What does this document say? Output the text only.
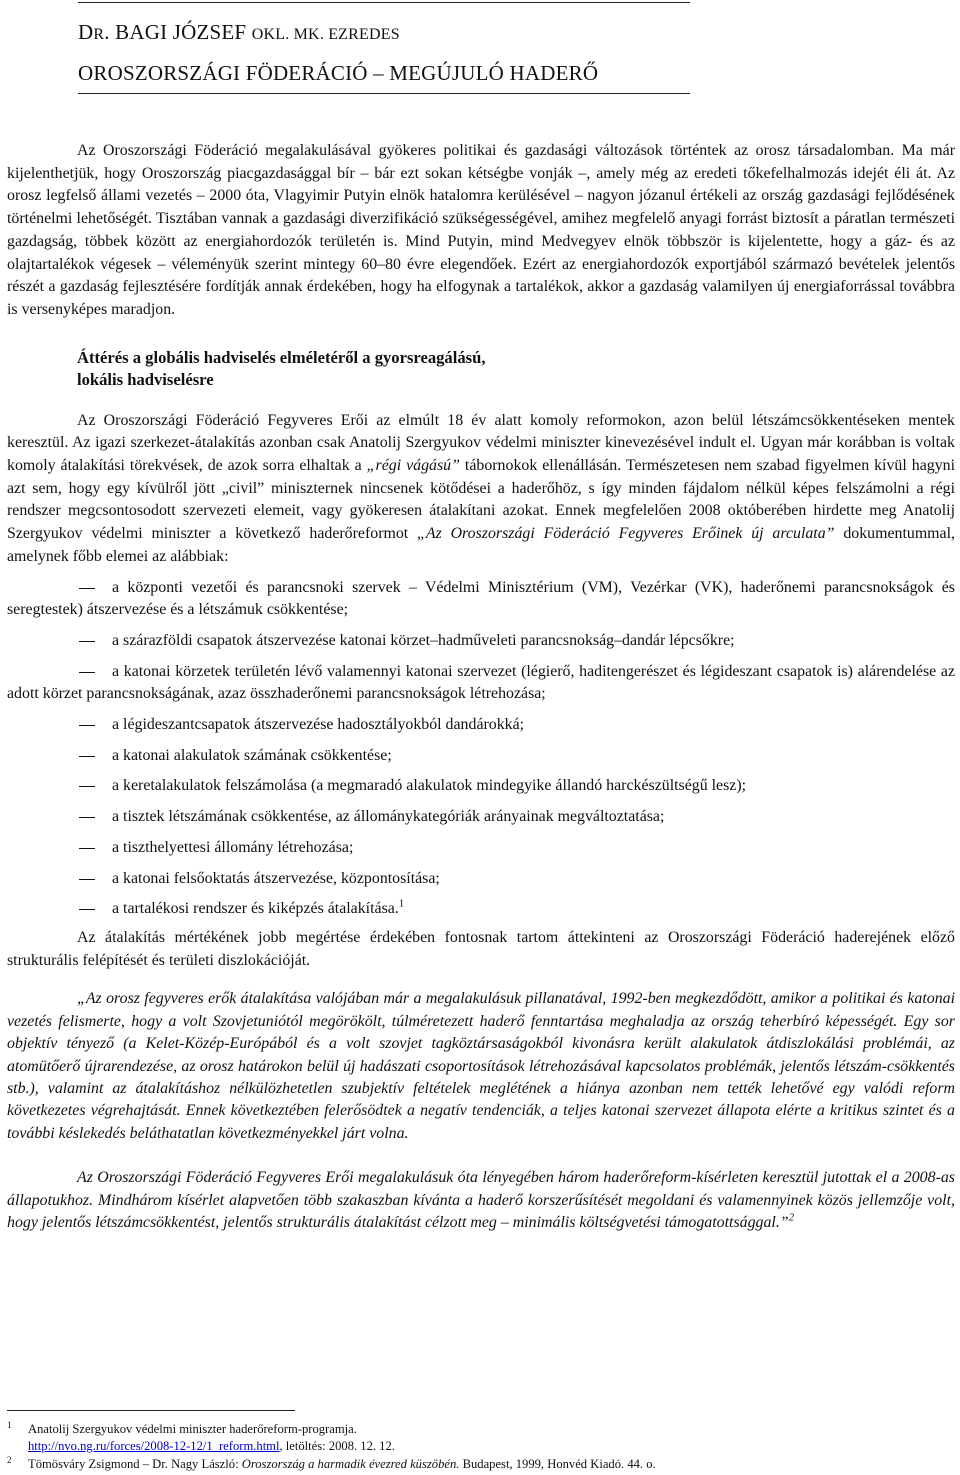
DR. BAGI JÓZSEF OKL. MK. EZREDES
OROSZORSZÁGI FÖDERÁCIÓ – MEGÚJULÓ HADERŐ

Az Oroszországi Föderáció megalakulásával gyökeres politikai és gazdasági változások történtek az orosz társadalomban. Ma már kijelenthetjük, hogy Oroszország piacgazdasággal bír – bár ezt sokan kétségbe vonják –, amely még az eredeti tőkefelhalmozás idejét éli át. Az orosz legfelső állami vezetés – 2000 óta, Vlagyimir Putyin elnök hatalomra kerülésével – nagyon józanul értékeli az ország gazdasági fejlődésének történelmi lehetőségét. Tisztában vannak a gazdasági diverzifikáció szükségességével, amihez megfelelő anyagi forrást biztosít a páratlan természeti gazdagság, többek között az energiahordozók területén is. Mind Putyin, mind Medvegyev elnök többször is kijelentette, hogy a gáz- és az olajtartalékok végesek – véleményük szerint mintegy 60–80 évre elegendőek. Ezért az energiahordozók exportjából származó bevételek jelentős részét a gazdaság fejlesztésére fordítják annak érdekében, hogy ha elfogynak a tartalékok, akkor a gazdaság valamilyen új energiaforrással továbbra is versenyképes maradjon.

Áttérés a globális hadviselés elméletéről a gyorsreagálású,
lokális hadviselésre

Az Oroszországi Föderáció Fegyveres Erői az elmúlt 18 év alatt komoly reformokon, azon belül létszámcsökkentéseken mentek keresztül. Az igazi szerkezet-átalakítás azonban csak Anatolij Szergyukov védelmi miniszter kinevezésével indult el. Ugyan már korábban is voltak komoly átalakítási törekvések, de azok sorra elhaltak a „régi vágású” tábornokok ellenállásán. Természetesen nem szabad figyelmen kívül hagyni azt sem, hogy egy kívülről jött „civil” miniszternek nincsenek kötődései a haderőhöz, s így minden fájdalom nélkül képes felszámolni a régi rendszer megcsontosodott szervezeti elemeit, vagy gyökeresen átalakítani azokat. Ennek megfelelően 2008 októberében hirdette meg Anatolij Szergyukov védelmi miniszter a következő haderőreformot „Az Oroszországi Föderáció Fegyveres Erőinek új arculata” dokumentummal, amelynek főbb elemei az alábbiak:

a központi vezetői és parancsnoki szervek – Védelmi Minisztérium (VM), Vezérkar (VK), haderőnemi parancsnokságok és seregtestek) átszervezése és a létszámuk csökkentése;

a szárazföldi csapatok átszervezése katonai körzet–hadműveleti parancsnokság–dandár lépcsőkre;

a katonai körzetek területén lévő valamennyi katonai szervezet (légierő, haditengerészet és légideszant csapatok is) alárendelése az adott körzet parancsnokságának, azaz összhaderőnemi parancsnokságok létrehozása;

a légideszantcsapatok átszervezése hadosztályokból dandárokká;

a katonai alakulatok számának csökkentése;

a keretalakulatok felszámolása (a megmaradó alakulatok mindegyike állandó harckészültségű lesz);

a tisztek létszámának csökkentése, az állománykategóriák arányainak megváltoztatása;

a tiszthelyettesi állomány létrehozása;

a katonai felsőoktatás átszervezése, központosítása;

a tartalékosi rendszer és kiképzés átalakítása.$^1$

Az átalakítás mértékének jobb megértése érdekében fontosnak tartom áttekinteni az Oroszországi Föderáció haderejének előző strukturális felépítését és területi diszlokációját.

„Az orosz fegyveres erők átalakítása valójában már a megalakulásuk pillanatával, 1992-ben megkezdődött, amikor a politikai és katonai vezetés felismerte, hogy a volt Szovjetuniótól megörökölt, túlméretezett haderő fenntartása meghaladja az ország teherbíró képességét. Egy sor objektív tényező (a Kelet-Közép-Európából és a volt szovjet tagköztársaságokból kivonásra került alakulatok átdiszlokálási problémái, az atomütőerő újrarendezése, az orosz határokon belül új hadászati csoportosítások létrehozásával kapcsolatos problémák, jelentős létszám-csökkentés stb.), valamint az átalakításhoz nélkülözhetetlen szubjektív feltételek meglétének a hiánya azonban nem tették lehetővé egy valódi reform következetes végrehajtását. Ennek következtében felerősödtek a negatív tendenciák, a teljes katonai szervezet állapota elérte a kritikus szintet és a további késlekedés beláthatatlan következményekkel járt volna.

Az Oroszországi Föderáció Fegyveres Erői megalakulásuk óta lényegében három haderőreform-kísérleten keresztül jutottak el a 2008-as állapotukhoz. Mindhárom kísérlet alapvetően több szakaszban kívánta a haderő korszerűsítését megoldani és valamennyinek közös jellemzője volt, hogy jelentős létszámcsökkentést, jelentős strukturális átalakítást célzott meg – minimális költségvetési támogatottsággal.”$^2$

1 Anatolij Szergyukov védelmi miniszter haderőreform-programja.
http://nvo.ng.ru/forces/2008-12-12/1_reform.html, letöltés: 2008. 12. 12.
2 Tömösváry Zsigmond – Dr. Nagy László: Oroszország a harmadik évezred küszöbén. Budapest, 1999, Honvéd Kiadó. 44. o.
